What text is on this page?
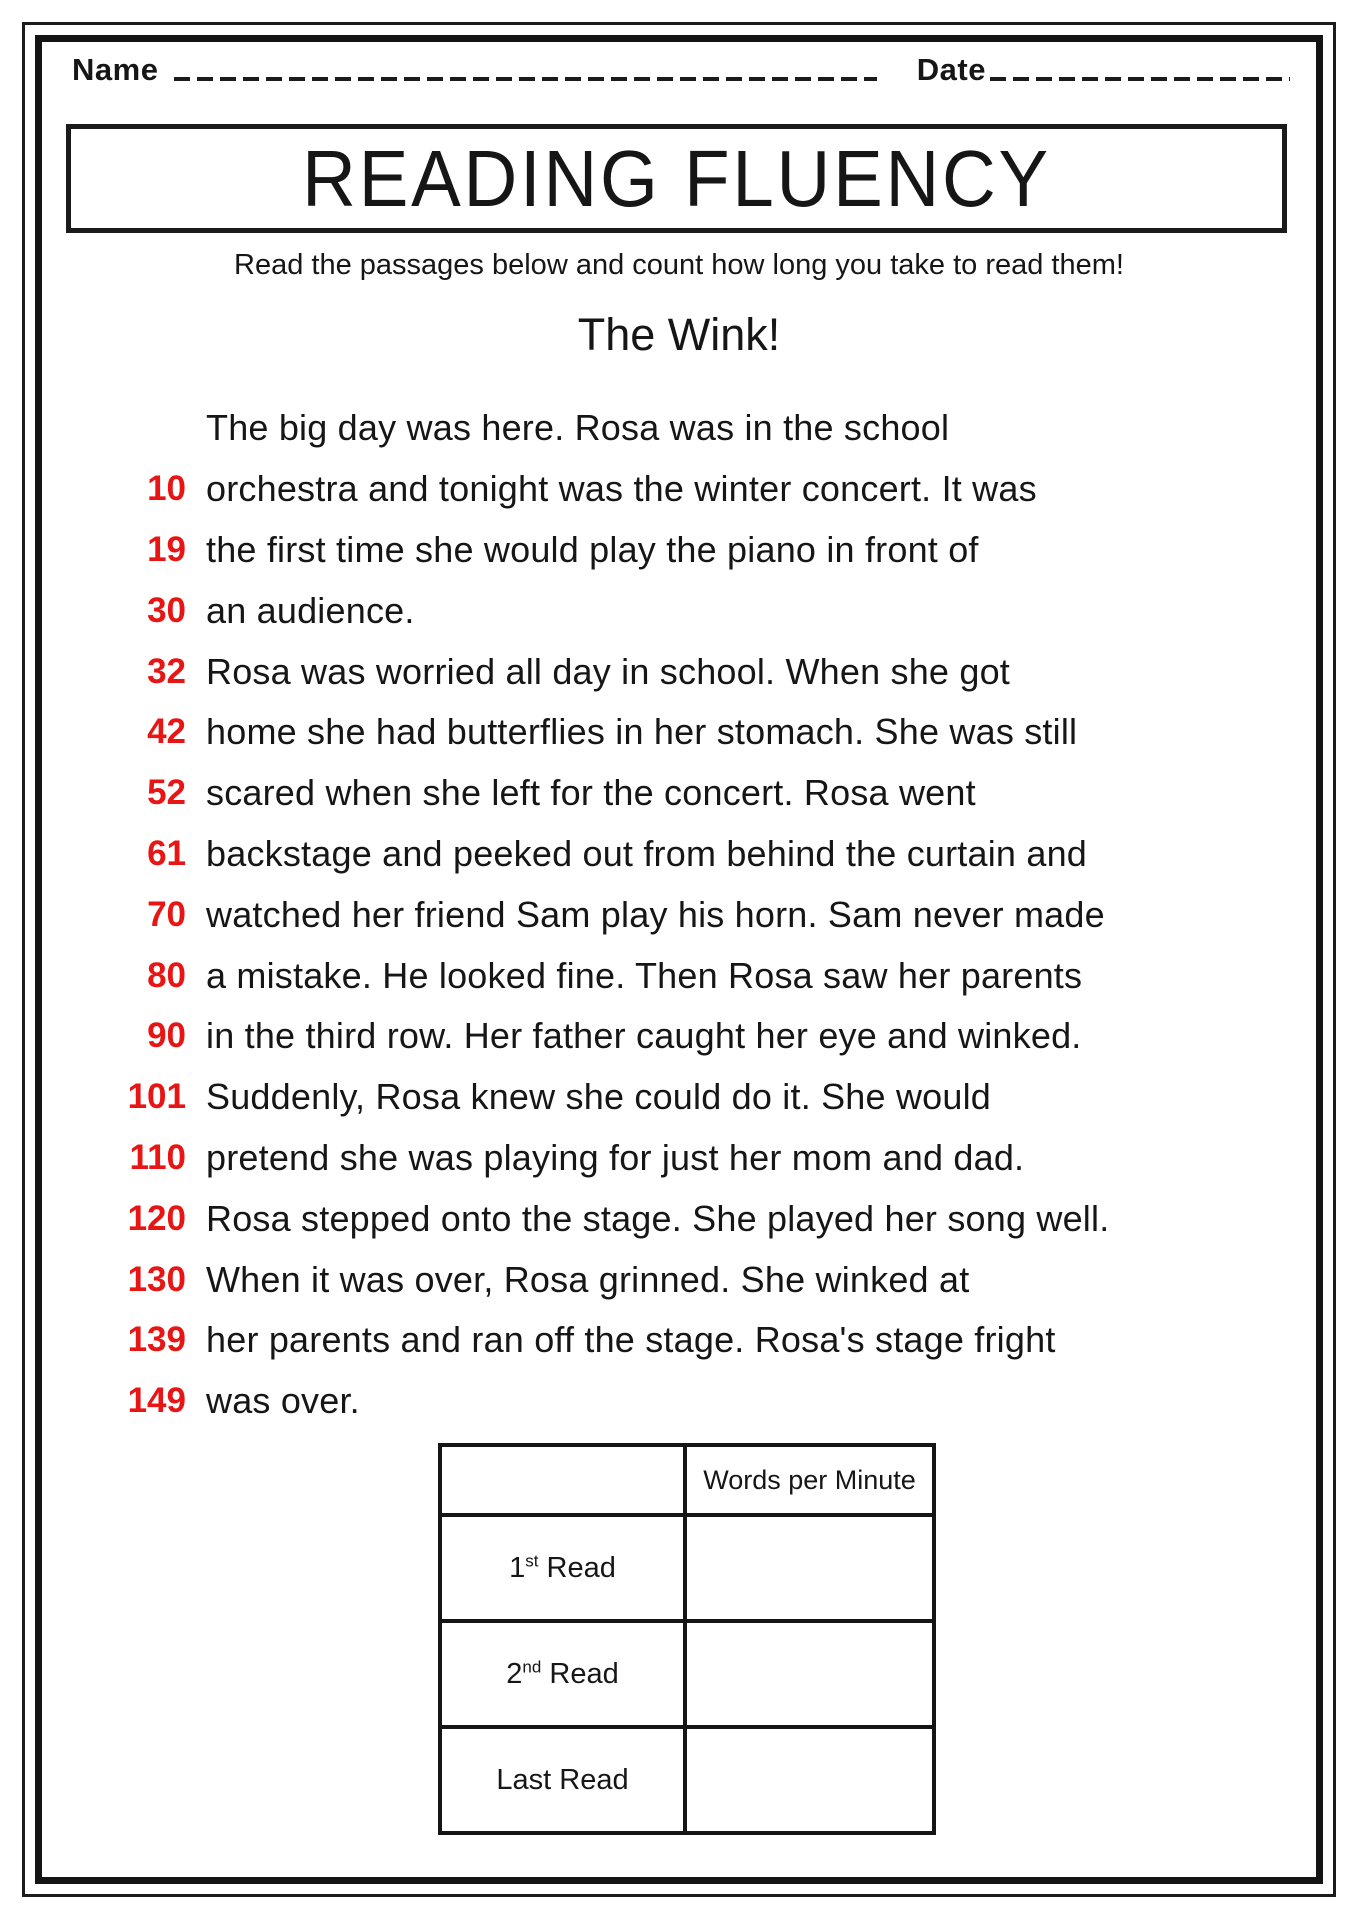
Name	Date
READING FLUENCY
Read the passages below and count how long you take to read them!
The Wink!
The big day was here. Rosa was in the school
10 orchestra and tonight was the winter concert. It was
19 the first time she would play the piano in front of
30 an audience.
32 Rosa was worried all day in school. When she got
42 home she had butterflies in her stomach. She was still
52 scared when she left for the concert. Rosa went
61 backstage and peeked out from behind the curtain and
70 watched her friend Sam play his horn. Sam never made
80 a mistake. He looked fine. Then Rosa saw her parents
90 in the third row. Her father caught her eye and winked.
101 Suddenly, Rosa knew she could do it. She would
110 pretend she was playing for just her mom and dad.
120 Rosa stepped onto the stage. She played her song well.
130 When it was over, Rosa grinned. She winked at
139 her parents and ran off the stage. Rosa's stage fright
149 was over.
	Words per Minute
1st Read	
2nd Read	
Last Read	
